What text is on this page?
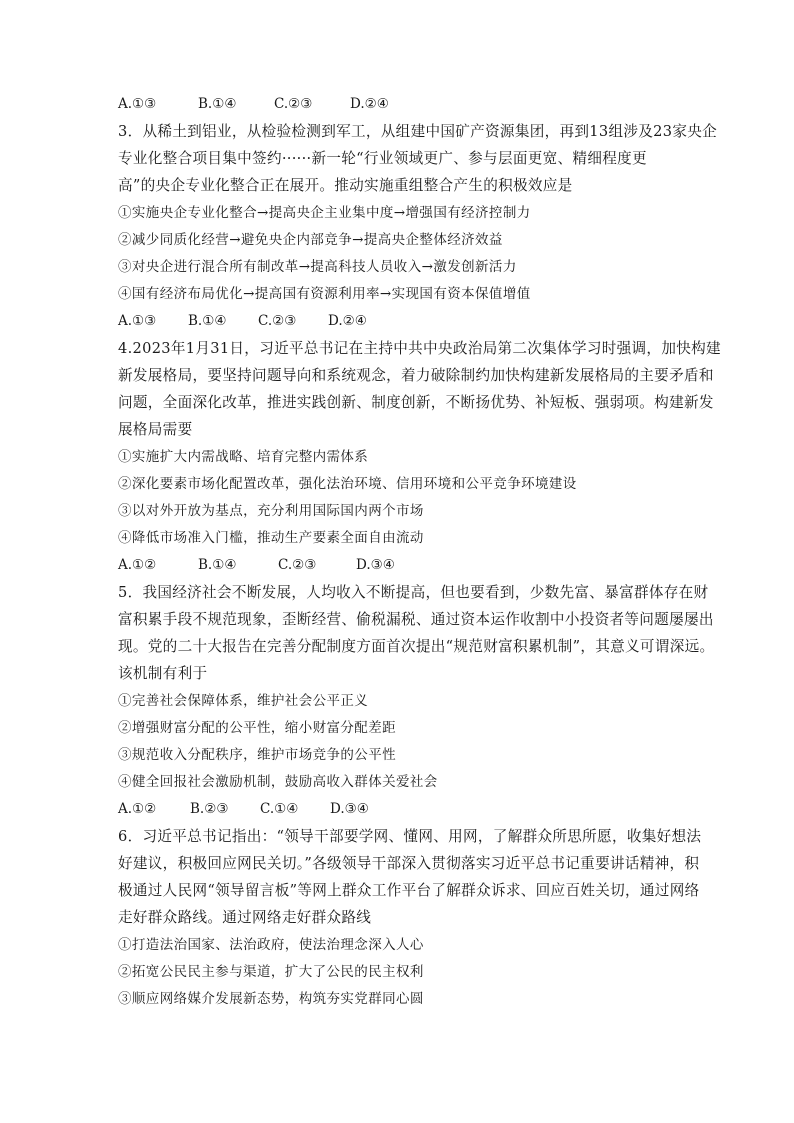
A.①③	B.①④	C.②③	D.②④
3．从稀土到铝业，从检验检测到军工，从组建中国矿产资源集团，再到13组涉及23家央企
专业化整合项目集中签约······新一轮“行业领域更广、参与层面更宽、精细程度更
高”的央企专业化整合正在展开。推动实施重组整合产生的积极效应是
①实施央企专业化整合→提高央企主业集中度→增强国有经济控制力
②减少同质化经营→避免央企内部竞争→提高央企整体经济效益
③对央企进行混合所有制改革→提高科技人员收入→激发创新活力
④国有经济布局优化→提高国有资源利用率→实现国有资本保值增值
A.①③ B.①④ C.②③ D.②④
4.2023年1月31日，习近平总书记在主持中共中央政治局第二次集体学习时强调，加快构建
新发展格局，要坚持问题导向和系统观念，着力破除制约加快构建新发展格局的主要矛盾和
问题，全面深化改革，推进实践创新、制度创新，不断扬优势、补短板、强弱项。构建新发
展格局需要
①实施扩大内需战略、培育完整内需体系
②深化要素市场化配置改革，强化法治环境、信用环境和公平竞争环境建设
③以对外开放为基点，充分利用国际国内两个市场
④降低市场准入门槛，推动生产要素全面自由流动
A.①②	B.①④	C.②③	D.③④
5．我国经济社会不断发展，人均收入不断提高，但也要看到，少数先富、暴富群体存在财
富积累手段不规范现象，歪断经营、偷税漏税、通过资本运作收割中小投资者等问题屡屡出
现。党的二十大报告在完善分配制度方面首次提出“规范财富积累机制”，其意义可谓深远。
该机制有利于
①完善社会保障体系，维护社会公平正义
②增强财富分配的公平性，缩小财富分配差距
③规范收入分配秩序，维护市场竞争的公平性
④健全回报社会激励机制，鼓励高收入群体关爱社会
A.①②	B.②③ C.①④ D.③④
6．习近平总书记指出：“领导干部要学网、懂网、用网，了解群众所思所愿，收集好想法
好建议，积极回应网民关切。”各级领导干部深入贯彻落实习近平总书记重要讲话精神，积
极通过人民网“领导留言板”等网上群众工作平台了解群众诉求、回应百姓关切，通过网络
走好群众路线。通过网络走好群众路线
①打造法治国家、法治政府，使法治理念深入人心
②拓宽公民民主参与渠道，扩大了公民的民主权利
③顺应网络媒介发展新态势，构筑夯实党群同心圆
